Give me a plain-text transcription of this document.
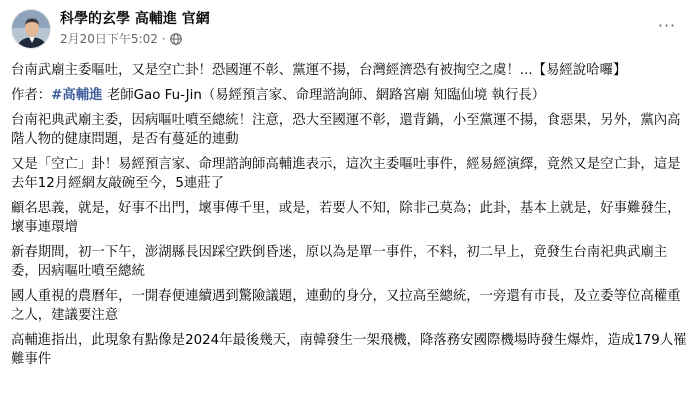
科學的玄學 高輔進 官網
2月20日下午5:02 ·
···

台南武廟主委嘔吐，又是空亡卦！恐國運不彰、黨運不揚，台灣經濟恐有被掏空之虞！...【易經說哈囉】

作者：#高輔進 老師Gao Fu-Jin（易經預言家、命理諮詢師、網路宮廟 知臨仙境 執行長）

台南祀典武廟主委，因病嘔吐噴至總統！注意，恐大至國運不彰，還背鍋，小至黨運不揚，食惡果，另外，黨內高階人物的健康問題，是否有蔓延的連動

又是「空亡」卦！易經預言家、命理諮詢師高輔進表示，這次主委嘔吐事件，經易經演繹，竟然又是空亡卦，這是去年12月經網友敲碗至今，5連莊了

顧名思義，就是，好事不出門，壞事傳千里，或是，若要人不知，除非己莫為；此卦，基本上就是，好事難發生，壞事連環增

新春期間，初一下午，澎湖縣長因踩空跌倒昏迷，原以為是單一事件，不料，初二早上，竟發生台南祀典武廟主委，因病嘔吐噴至總統

國人重視的農曆年，一開春便連續遇到驚險議題，連動的身分，又拉高至總統，一旁還有市長，及立委等位高權重之人，建議要注意

高輔進指出，此現象有點像是2024年最後幾天，南韓發生一架飛機，降落務安國際機場時發生爆炸，造成179人罹難事件
